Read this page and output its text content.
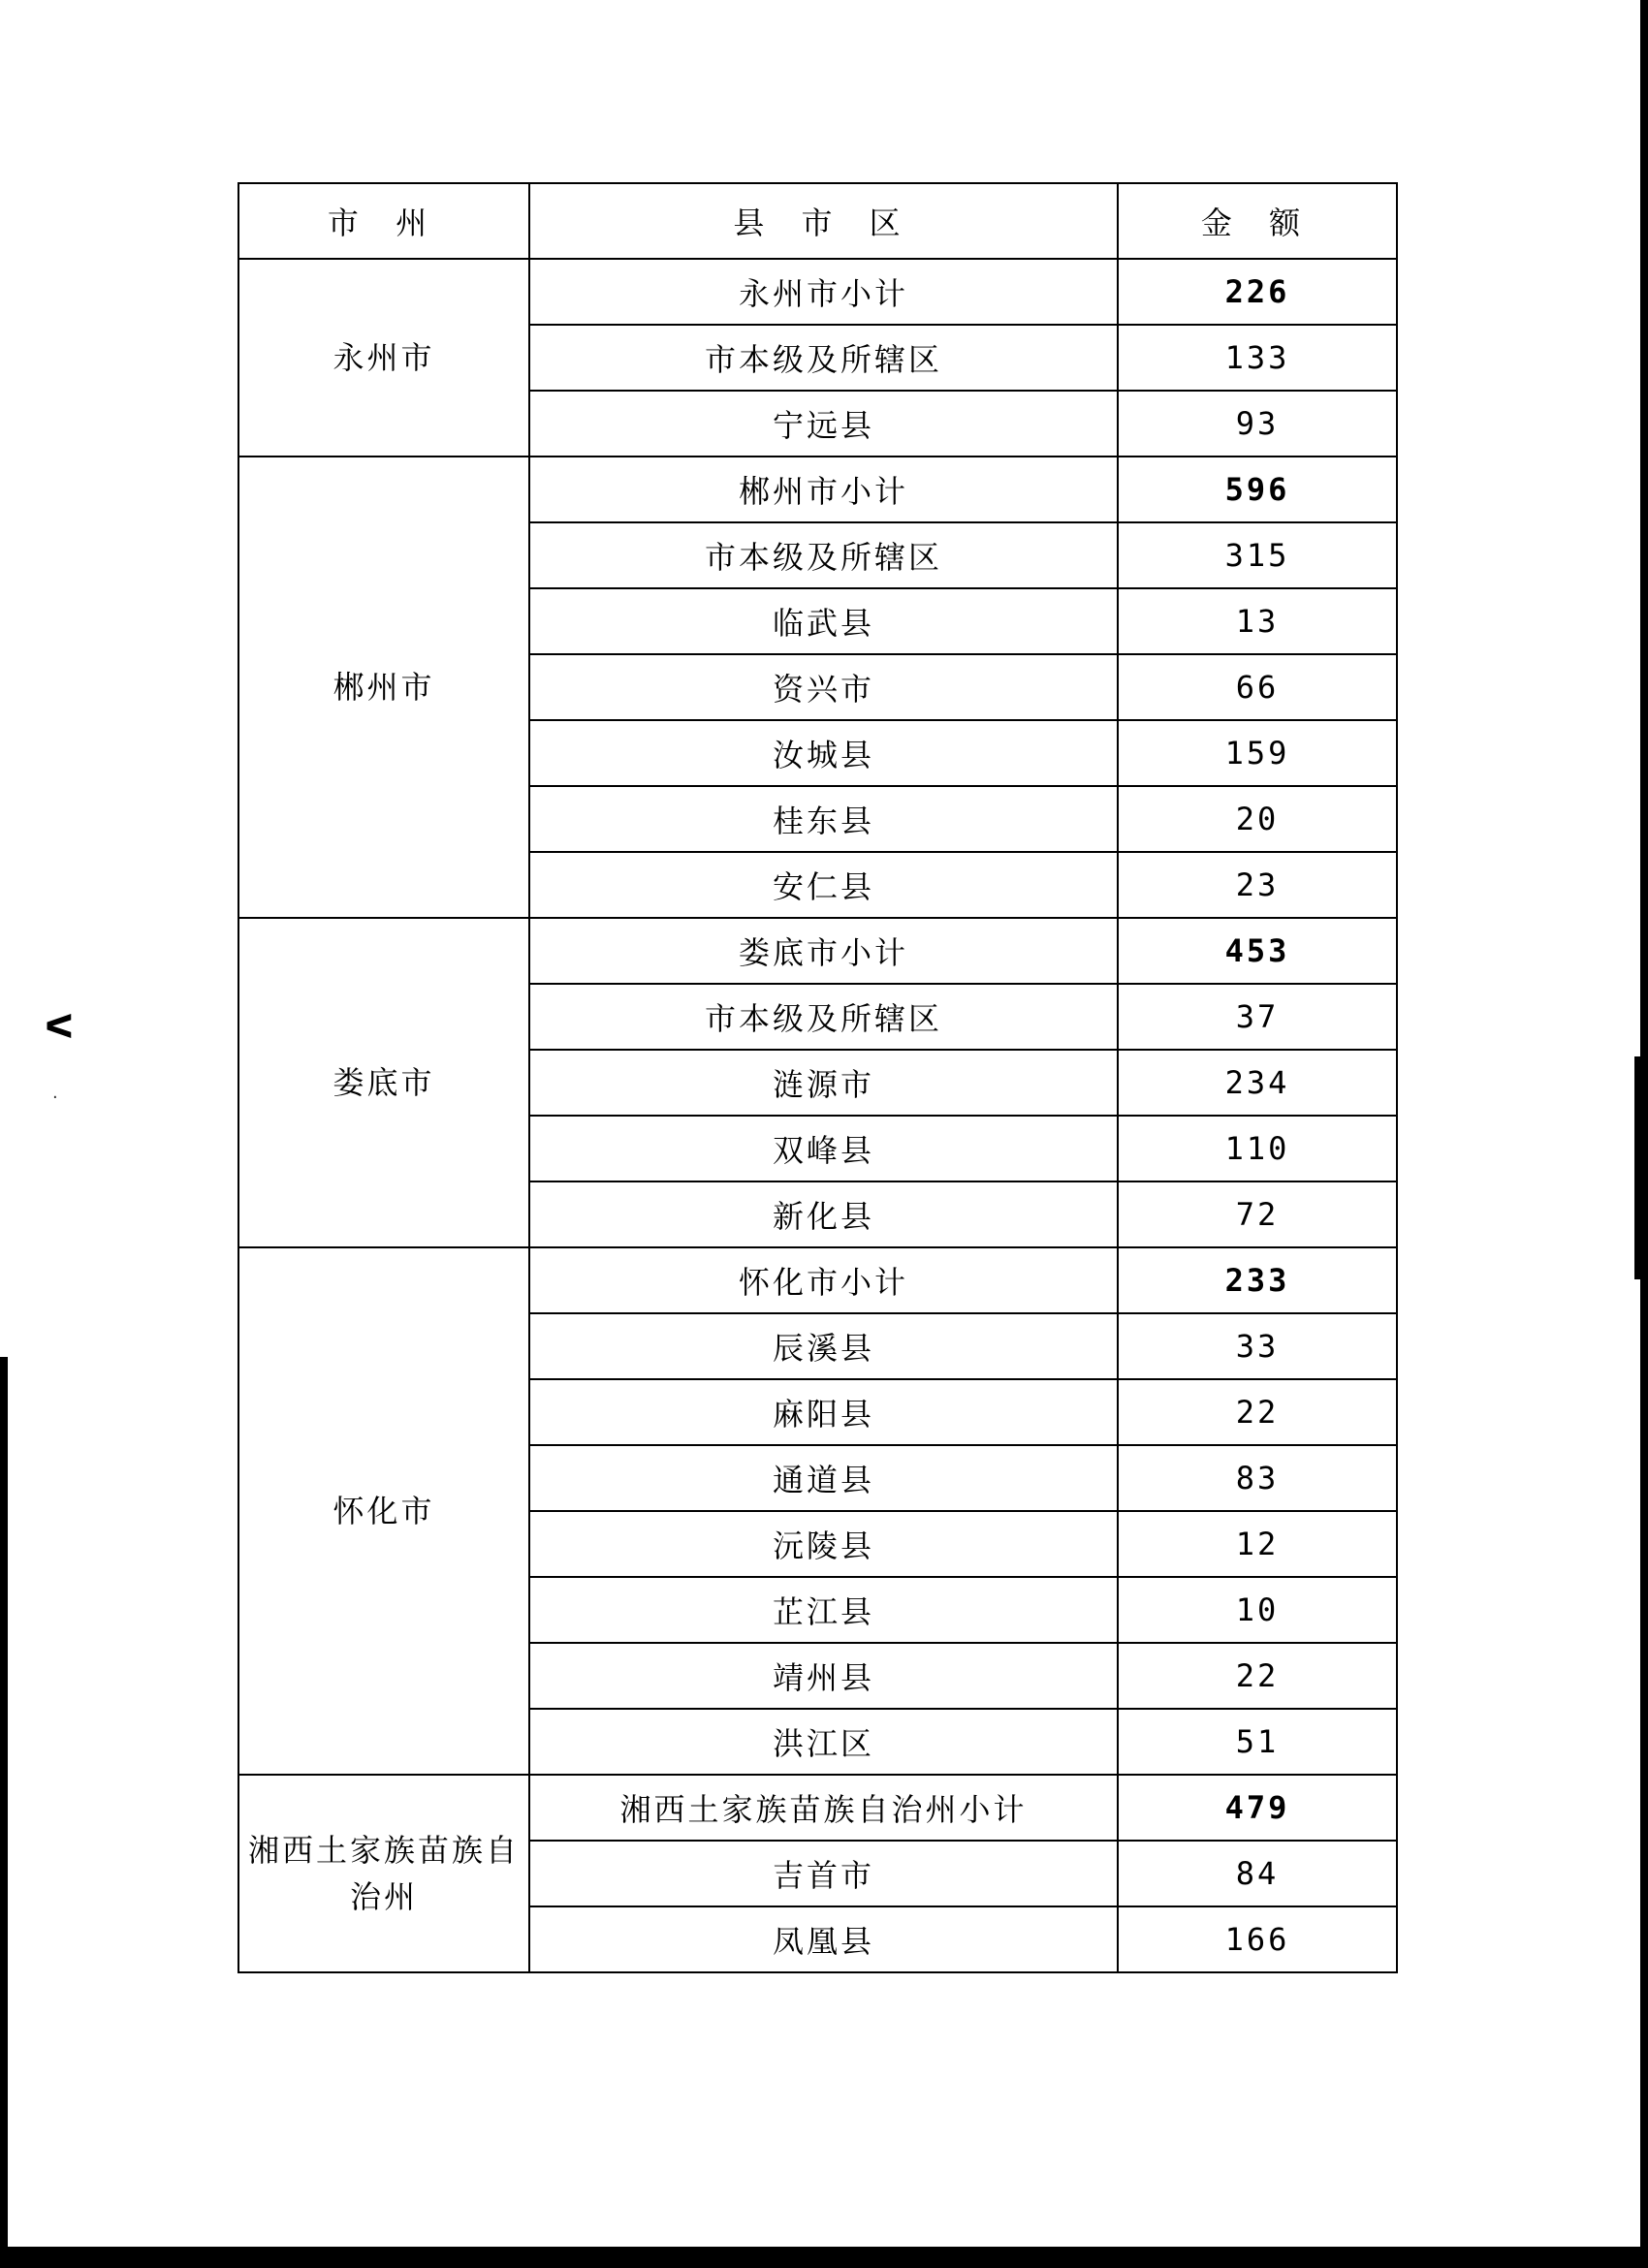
ᐸ
·
市 州	县 市 区	金 额
永州市	永州市小计	226
	市本级及所辖区	133
	宁远县	93
郴州市	郴州市小计	596
	市本级及所辖区	315
	临武县	13
	资兴市	66
	汝城县	159
	桂东县	20
	安仁县	23
娄底市	娄底市小计	453
	市本级及所辖区	37
	涟源市	234
	双峰县	110
	新化县	72
怀化市	怀化市小计	233
	辰溪县	33
	麻阳县	22
	通道县	83
	沅陵县	12
	芷江县	10
	靖州县	22
	洪江区	51
湘西土家族苗族自治州	湘西土家族苗族自治州小计	479
	吉首市	84
	凤凰县	166
